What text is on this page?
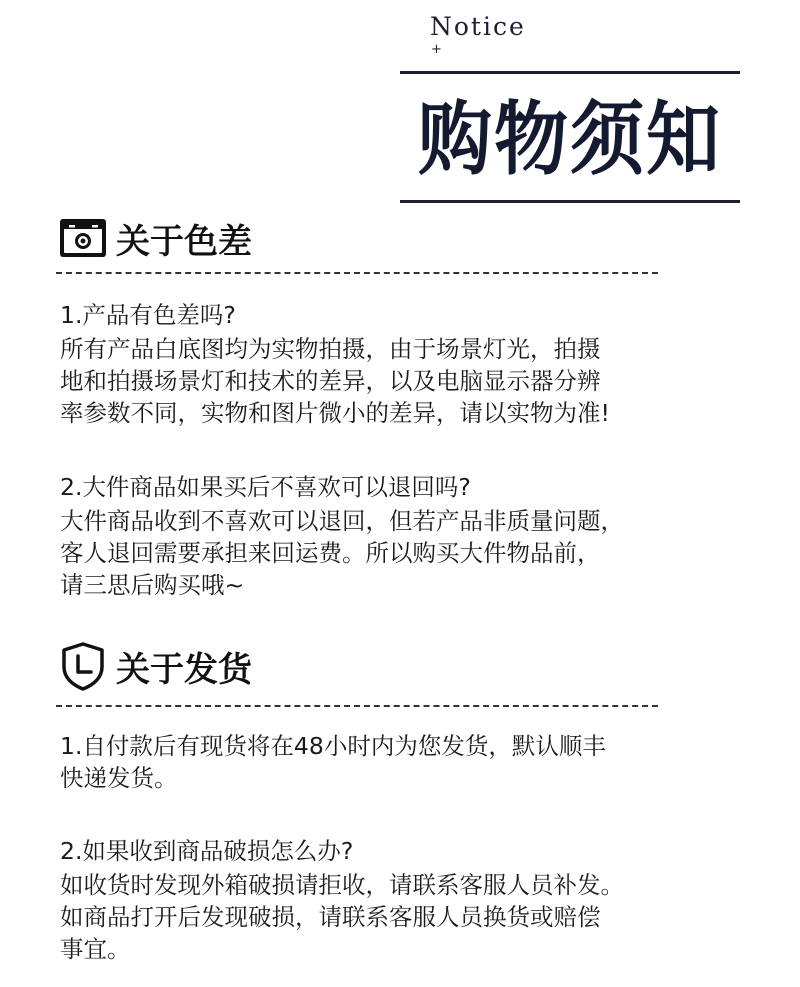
Notice
+
购物须知
关于色差
1.产品有色差吗?
所有产品白底图均为实物拍摄，由于场景灯光，拍摄
地和拍摄场景灯和技术的差异，以及电脑显示器分辨
率参数不同，实物和图片微小的差异，请以实物为准!
2.大件商品如果买后不喜欢可以退回吗?
大件商品收到不喜欢可以退回，但若产品非质量问题，
客人退回需要承担来回运费。所以购买大件物品前，
请三思后购买哦~
关于发货
1.自付款后有现货将在48小时内为您发货，默认顺丰
快递发货。
2.如果收到商品破损怎么办?
如收货时发现外箱破损请拒收，请联系客服人员补发。
如商品打开后发现破损，请联系客服人员换货或赔偿
事宜。
